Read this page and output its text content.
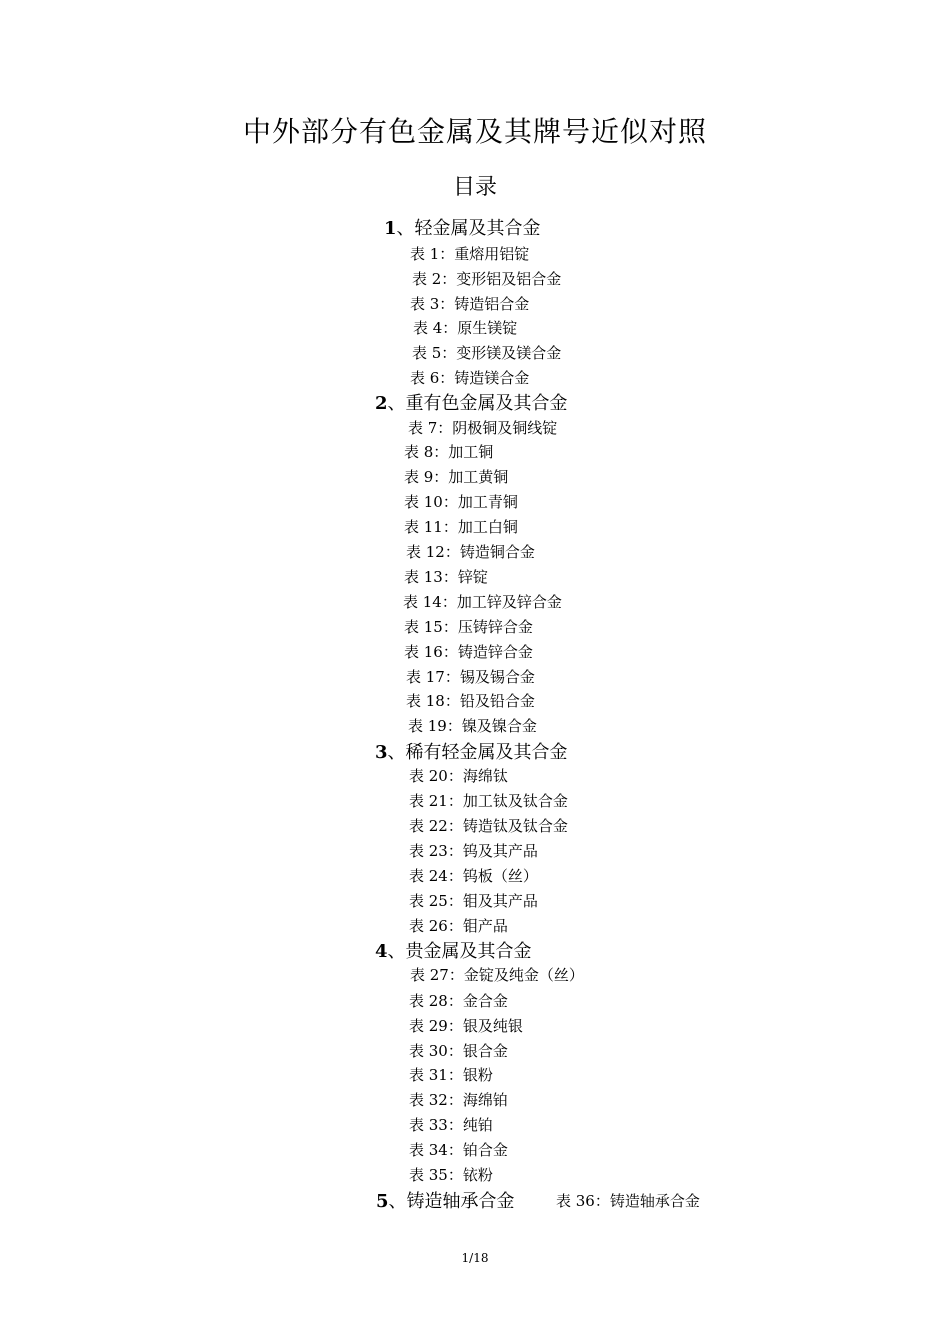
中外部分有色金属及其牌号近似对照
目录
1、轻金属及其合金
表 1：重熔用铝锭
表 2：变形铝及铝合金
表 3：铸造铝合金
表 4：原生镁锭
表 5：变形镁及镁合金
表 6：铸造镁合金
2、重有色金属及其合金
表 7：阴极铜及铜线锭
表 8：加工铜
表 9：加工黄铜
表 10：加工青铜
表 11：加工白铜
表 12：铸造铜合金
表 13：锌锭
表 14：加工锌及锌合金
表 15：压铸锌合金
表 16：铸造锌合金
表 17：锡及锡合金
表 18：铅及铅合金
表 19：镍及镍合金
3、稀有轻金属及其合金
表 20：海绵钛
表 21：加工钛及钛合金
表 22：铸造钛及钛合金
表 23：钨及其产品
表 24：钨板（丝）
表 25：钼及其产品
表 26：钼产品
4、贵金属及其合金
表 27：金锭及纯金（丝）
表 28：金合金
表 29：银及纯银
表 30：银合金
表 31：银粉
表 32：海绵铂
表 33：纯铂
表 34：铂合金
表 35：铱粉
5、铸造轴承合金	表 36：铸造轴承合金
1/18
